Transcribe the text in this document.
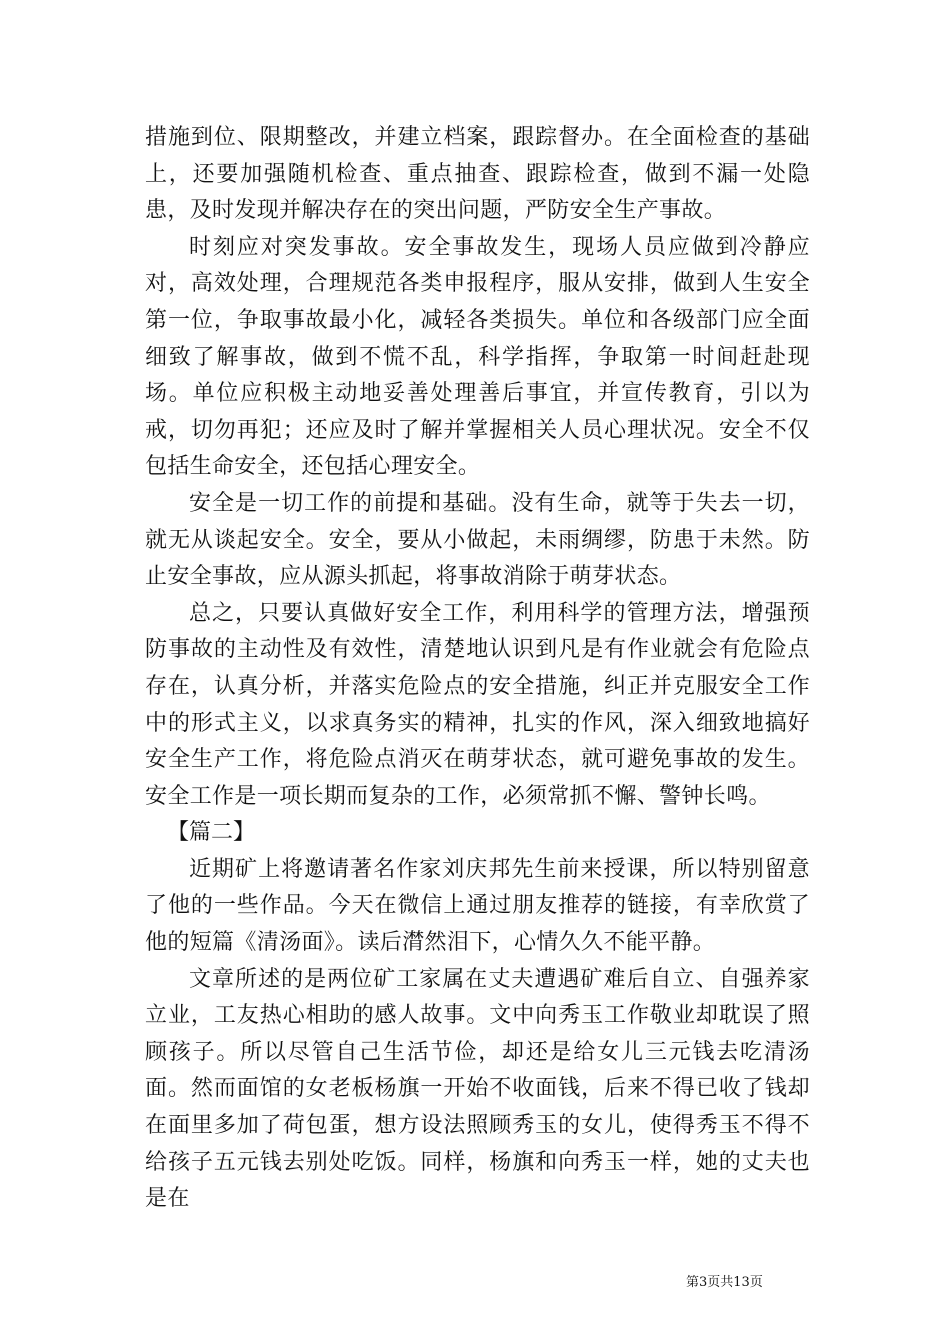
措施到位、限期整改，并建立档案，跟踪督办。在全面检查的基础上，还要加强随机检查、重点抽查、跟踪检查，做到不漏一处隐患，及时发现并解决存在的突出问题，严防安全生产事故。

时刻应对突发事故。安全事故发生，现场人员应做到冷静应对，高效处理，合理规范各类申报程序，服从安排，做到人生安全第一位，争取事故最小化，减轻各类损失。单位和各级部门应全面细致了解事故，做到不慌不乱，科学指挥，争取第一时间赶赴现场。单位应积极主动地妥善处理善后事宜，并宣传教育，引以为戒，切勿再犯；还应及时了解并掌握相关人员心理状况。安全不仅包括生命安全，还包括心理安全。

安全是一切工作的前提和基础。没有生命，就等于失去一切，就无从谈起安全。安全，要从小做起，未雨绸缪，防患于未然。防止安全事故，应从源头抓起，将事故消除于萌芽状态。

总之，只要认真做好安全工作，利用科学的管理方法，增强预防事故的主动性及有效性，清楚地认识到凡是有作业就会有危险点存在，认真分析，并落实危险点的安全措施，纠正并克服安全工作中的形式主义，以求真务实的精神，扎实的作风，深入细致地搞好安全生产工作，将危险点消灭在萌芽状态，就可避免事故的发生。安全工作是一项长期而复杂的工作，必须常抓不懈、警钟长鸣。

【篇二】

近期矿上将邀请著名作家刘庆邦先生前来授课，所以特别留意了他的一些作品。今天在微信上通过朋友推荐的链接，有幸欣赏了他的短篇《清汤面》。读后潸然泪下，心情久久不能平静。

文章所述的是两位矿工家属在丈夫遭遇矿难后自立、自强养家立业，工友热心相助的感人故事。文中向秀玉工作敬业却耽误了照顾孩子。所以尽管自己生活节俭，却还是给女儿三元钱去吃清汤面。然而面馆的女老板杨旗一开始不收面钱，后来不得已收了钱却在面里多加了荷包蛋，想方设法照顾秀玉的女儿，使得秀玉不得不给孩子五元钱去别处吃饭。同样，杨旗和向秀玉一样，她的丈夫也是在

第3页共13页
